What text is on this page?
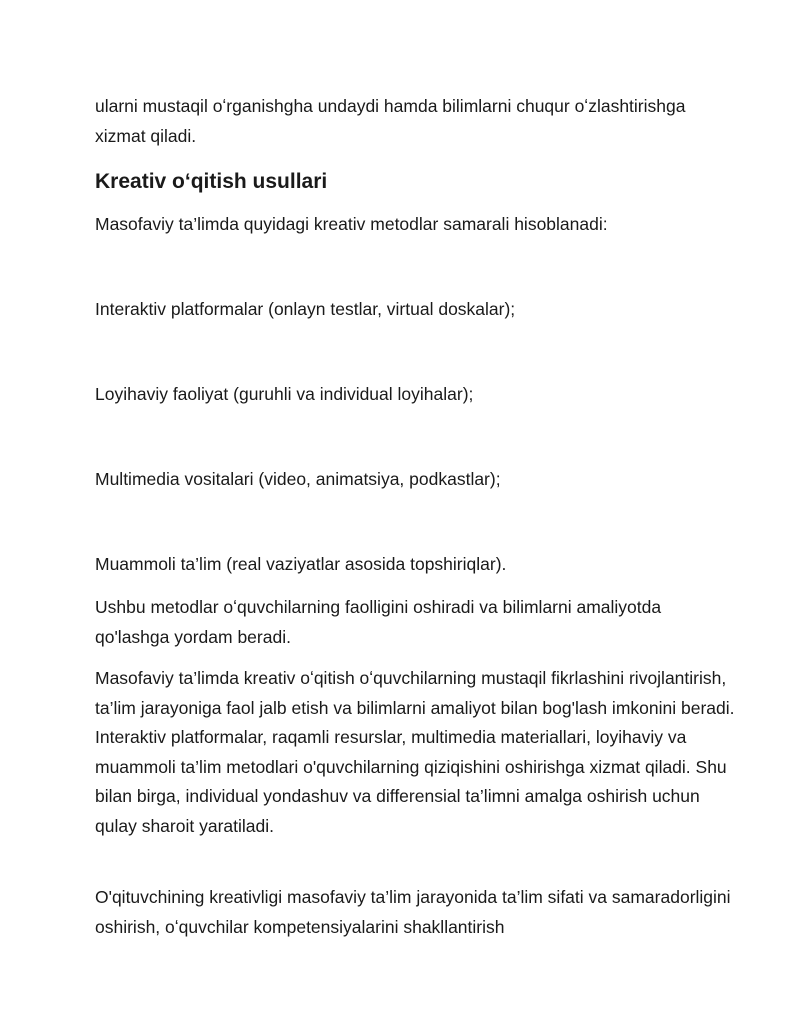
ularni mustaqil oʻrganishgha undaydi hamda bilimlarni chuqur oʻzlashtirishga xizmat qiladi.

Kreativ oʻqitish usullari

Masofaviy ta’limda quyidagi kreativ metodlar samarali hisoblanadi:

Interaktiv platformalar (onlayn testlar, virtual doskalar);

Loyihaviy faoliyat (guruhli va individual loyihalar);

Multimedia vositalari (video, animatsiya, podkastlar);

Muammoli ta’lim (real vaziyatlar asosida topshiriqlar).

Ushbu metodlar oʻquvchilarning faolligini oshiradi va bilimlarni amaliyotda qo'lashga yordam beradi.

Masofaviy ta’limda kreativ oʻqitish oʻquvchilarning mustaqil fikrlashini rivojlantirish, ta’lim jarayoniga faol jalb etish va bilimlarni amaliyot bilan bog'lash imkonini beradi. Interaktiv platformalar, raqamli resurslar, multimedia materiallari, loyihaviy va muammoli ta’lim metodlari o'quvchilarning qiziqishini oshirishga xizmat qiladi. Shu bilan birga, individual yondashuv va differensial ta’limni amalga oshirish uchun qulay sharoit yaratiladi.

O'qituvchining kreativligi masofaviy ta’lim jarayonida ta’lim sifati va samaradorligini oshirish, oʻquvchilar kompetensiyalarini shakllantirish
